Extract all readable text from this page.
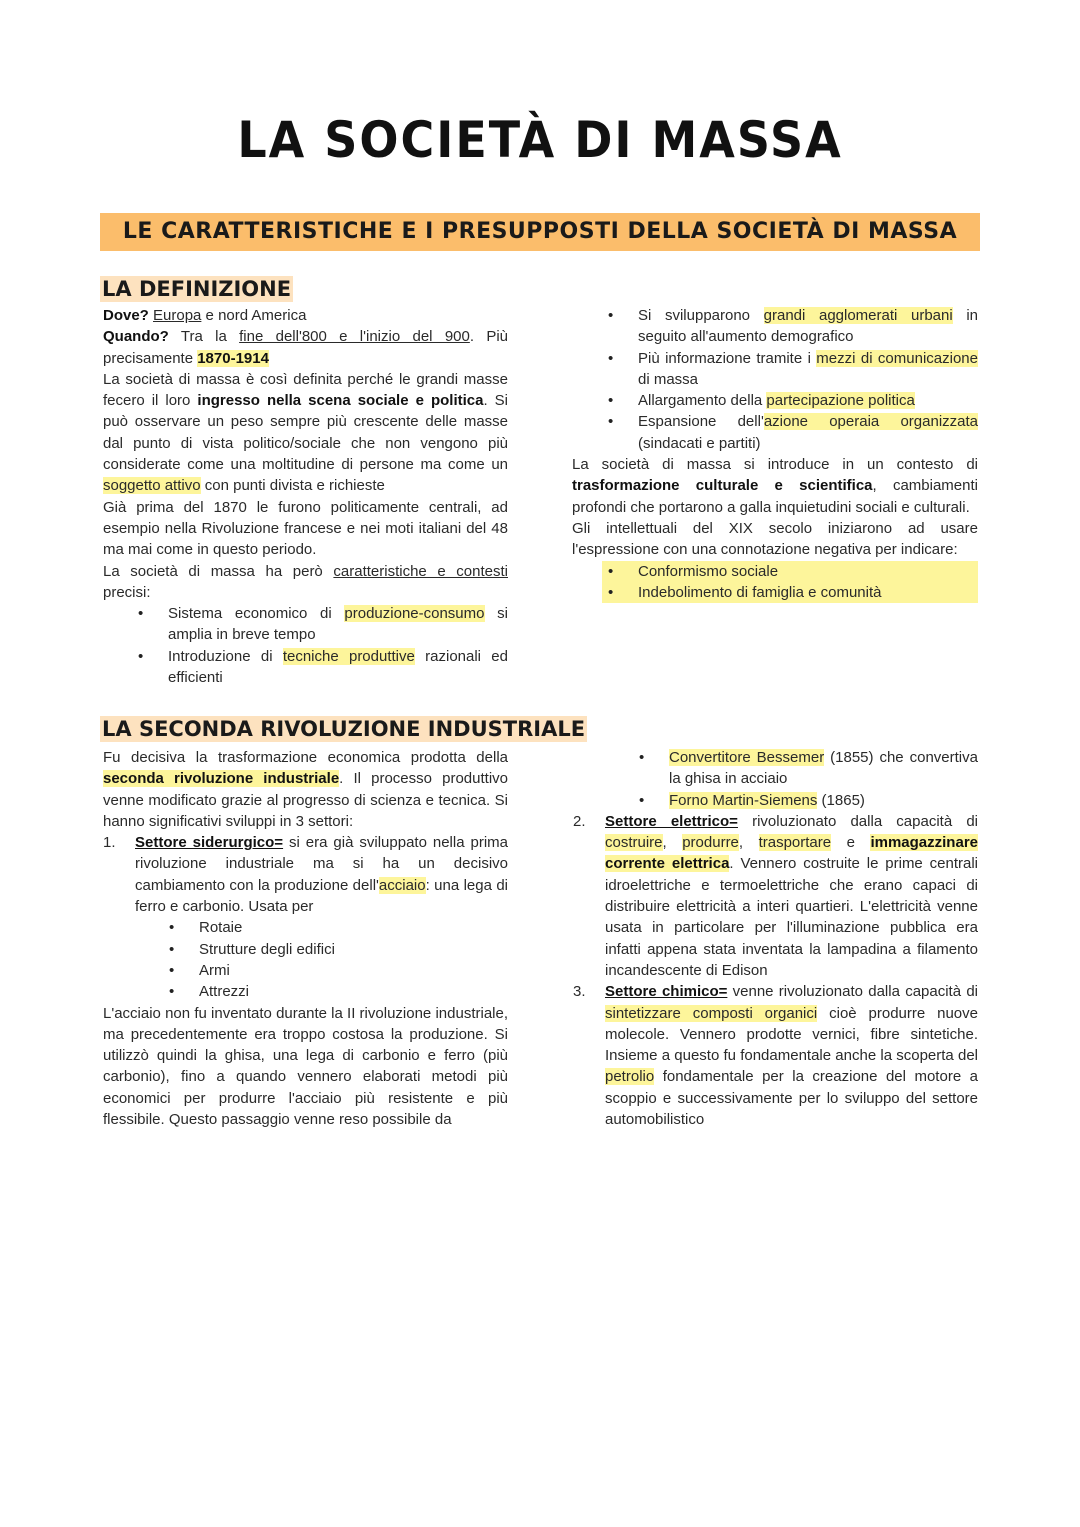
LA SOCIETÀ DI MASSA
LE CARATTERISTICHE E I PRESUPPOSTI DELLA SOCIETÀ DI MASSA
LA DEFINIZIONE

Dove? Europa e nord America

Quando? Tra la fine dell'800 e l'inizio del 900. Più precisamente 1870-1914

La società di massa è così definita perché le grandi masse fecero il loro ingresso nella scena sociale e politica. Si può osservare un peso sempre più crescente delle masse dal punto di vista politico/sociale che non vengono più considerate come una moltitudine di persone ma come un soggetto attivo con punti divista e richieste

Già prima del 1870 le furono politicamente centrali, ad esempio nella Rivoluzione francese e nei moti italiani del 48 ma mai come in questo periodo.

La società di massa ha però caratteristiche e contesti precisi:

• Sistema economico di produzione-consumo si amplia in breve tempo
• Introduzione di tecniche produttive razionali ed efficienti
• Si svilupparono grandi agglomerati urbani in seguito all'aumento demografico
• Più informazione tramite i mezzi di comunicazione di massa
• Allargamento della partecipazione politica
• Espansione dell'azione operaia organizzata (sindacati e partiti)

La società di massa si introduce in un contesto di trasformazione culturale e scientifica, cambiamenti profondi che portarono a galla inquietudini sociali e culturali.

Gli intellettuali del XIX secolo iniziarono ad usare l'espressione con una connotazione negativa per indicare:

• Conformismo sociale
• Indebolimento di famiglia e comunità
LA SECONDA RIVOLUZIONE INDUSTRIALE

Fu decisiva la trasformazione economica prodotta della seconda rivoluzione industriale. Il processo produttivo venne modificato grazie al progresso di scienza e tecnica. Si hanno significativi sviluppi in 3 settori:

1. Settore siderurgico= si era già sviluppato nella prima rivoluzione industriale ma si ha un decisivo cambiamento con la produzione dell'acciaio: una lega di ferro e carbonio. Usata per
• Rotaie
• Strutture degli edifici
• Armi
• Attrezzi

L'acciaio non fu inventato durante la II rivoluzione industriale, ma precedentemente era troppo costosa la produzione. Si utilizzò quindi la ghisa, una lega di carbonio e ferro (più carbonio), fino a quando vennero elaborati metodi più economici per produrre l'acciaio più resistente e più flessibile. Questo passaggio venne reso possibile da

• Convertitore Bessemer (1855) che convertiva la ghisa in acciaio
• Forno Martin-Siemens (1865)
2. Settore elettrico= rivoluzionato dalla capacità di costruire, produrre, trasportare e immagazzinare corrente elettrica. Vennero costruite le prime centrali idroelettriche e termoelettriche che erano capaci di distribuire elettricità a interi quartieri. L'elettricità venne usata in particolare per l'illuminazione pubblica era infatti appena stata inventata la lampadina a filamento incandescente di Edison
3. Settore chimico= venne rivoluzionato dalla capacità di sintetizzare composti organici cioè produrre nuove molecole. Vennero prodotte vernici, fibre sintetiche. Insieme a questo fu fondamentale anche la scoperta del petrolio fondamentale per la creazione del motore a scoppio e successivamente per lo sviluppo del settore automobilistico
